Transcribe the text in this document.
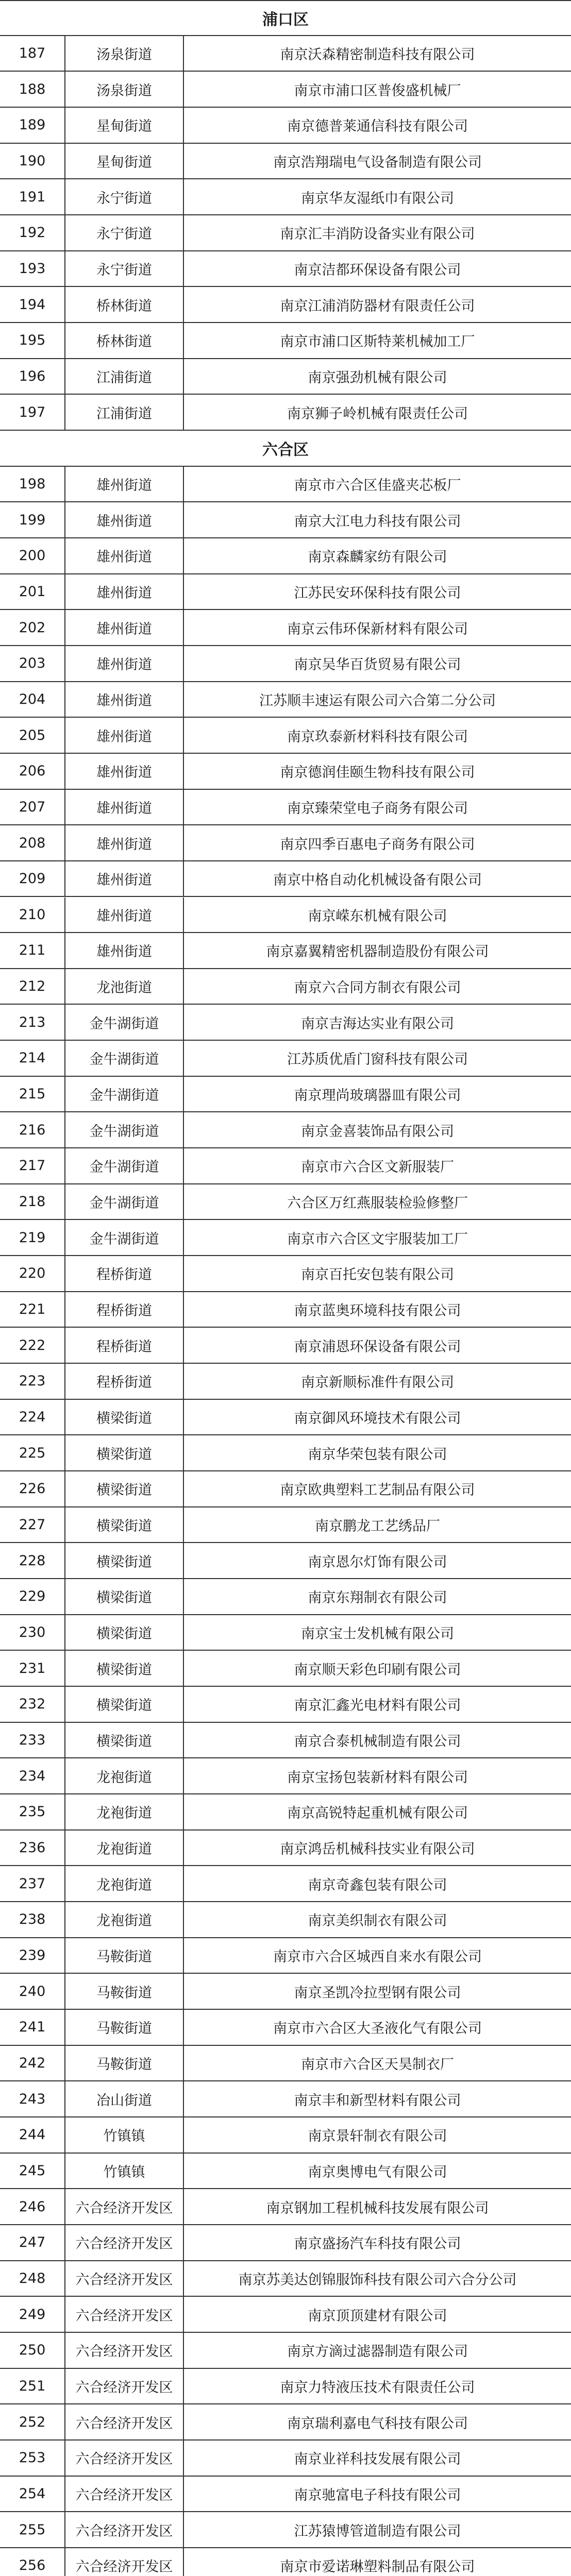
浦口区
187	汤泉街道	南京沃森精密制造科技有限公司
188	汤泉街道	南京市浦口区普俊盛机械厂
189	星甸街道	南京德普莱通信科技有限公司
190	星甸街道	南京浩翔瑞电气设备制造有限公司
191	永宁街道	南京华友湿纸巾有限公司
192	永宁街道	南京汇丰消防设备实业有限公司
193	永宁街道	南京洁都环保设备有限公司
194	桥林街道	南京江浦消防器材有限责任公司
195	桥林街道	南京市浦口区斯特莱机械加工厂
196	江浦街道	南京强劲机械有限公司
197	江浦街道	南京狮子岭机械有限责任公司
六合区
198	雄州街道	南京市六合区佳盛夹芯板厂
199	雄州街道	南京大江电力科技有限公司
200	雄州街道	南京森麟家纺有限公司
201	雄州街道	江苏民安环保科技有限公司
202	雄州街道	南京云伟环保新材料有限公司
203	雄州街道	南京吴华百货贸易有限公司
204	雄州街道	江苏顺丰速运有限公司六合第二分公司
205	雄州街道	南京玖泰新材料科技有限公司
206	雄州街道	南京德润佳颐生物科技有限公司
207	雄州街道	南京臻荣堂电子商务有限公司
208	雄州街道	南京四季百惠电子商务有限公司
209	雄州街道	南京中格自动化机械设备有限公司
210	雄州街道	南京嵘东机械有限公司
211	雄州街道	南京嘉翼精密机器制造股份有限公司
212	龙池街道	南京六合同方制衣有限公司
213	金牛湖街道	南京吉海达实业有限公司
214	金牛湖街道	江苏质优盾门窗科技有限公司
215	金牛湖街道	南京理尚玻璃器皿有限公司
216	金牛湖街道	南京金喜装饰品有限公司
217	金牛湖街道	南京市六合区文新服装厂
218	金牛湖街道	六合区万红燕服装检验修整厂
219	金牛湖街道	南京市六合区文宇服装加工厂
220	程桥街道	南京百托安包装有限公司
221	程桥街道	南京蓝奥环境科技有限公司
222	程桥街道	南京浦恩环保设备有限公司
223	程桥街道	南京新顺标准件有限公司
224	横梁街道	南京御风环境技术有限公司
225	横梁街道	南京华荣包装有限公司
226	横梁街道	南京欧典塑料工艺制品有限公司
227	横梁街道	南京鹏龙工艺绣品厂
228	横梁街道	南京恩尔灯饰有限公司
229	横梁街道	南京东翔制衣有限公司
230	横梁街道	南京宝士发机械有限公司
231	横梁街道	南京顺天彩色印刷有限公司
232	横梁街道	南京汇鑫光电材料有限公司
233	横梁街道	南京合泰机械制造有限公司
234	龙袍街道	南京宝扬包装新材料有限公司
235	龙袍街道	南京高锐特起重机械有限公司
236	龙袍街道	南京鸿岳机械科技实业有限公司
237	龙袍街道	南京奇鑫包装有限公司
238	龙袍街道	南京美织制衣有限公司
239	马鞍街道	南京市六合区城西自来水有限公司
240	马鞍街道	南京圣凯冷拉型钢有限公司
241	马鞍街道	南京市六合区大圣液化气有限公司
242	马鞍街道	南京市六合区天昊制衣厂
243	冶山街道	南京丰和新型材料有限公司
244	竹镇镇	南京景轩制衣有限公司
245	竹镇镇	南京奥博电气有限公司
246	六合经济开发区	南京钢加工程机械科技发展有限公司
247	六合经济开发区	南京盛扬汽车科技有限公司
248	六合经济开发区	南京苏美达创锦服饰科技有限公司六合分公司
249	六合经济开发区	南京顶顶建材有限公司
250	六合经济开发区	南京方滴过滤器制造有限公司
251	六合经济开发区	南京力特液压技术有限责任公司
252	六合经济开发区	南京瑞利嘉电气科技有限公司
253	六合经济开发区	南京业祥科技发展有限公司
254	六合经济开发区	南京驰富电子科技有限公司
255	六合经济开发区	江苏猿博管道制造有限公司
256	六合经济开发区	南京市爱诺琳塑料制品有限公司
